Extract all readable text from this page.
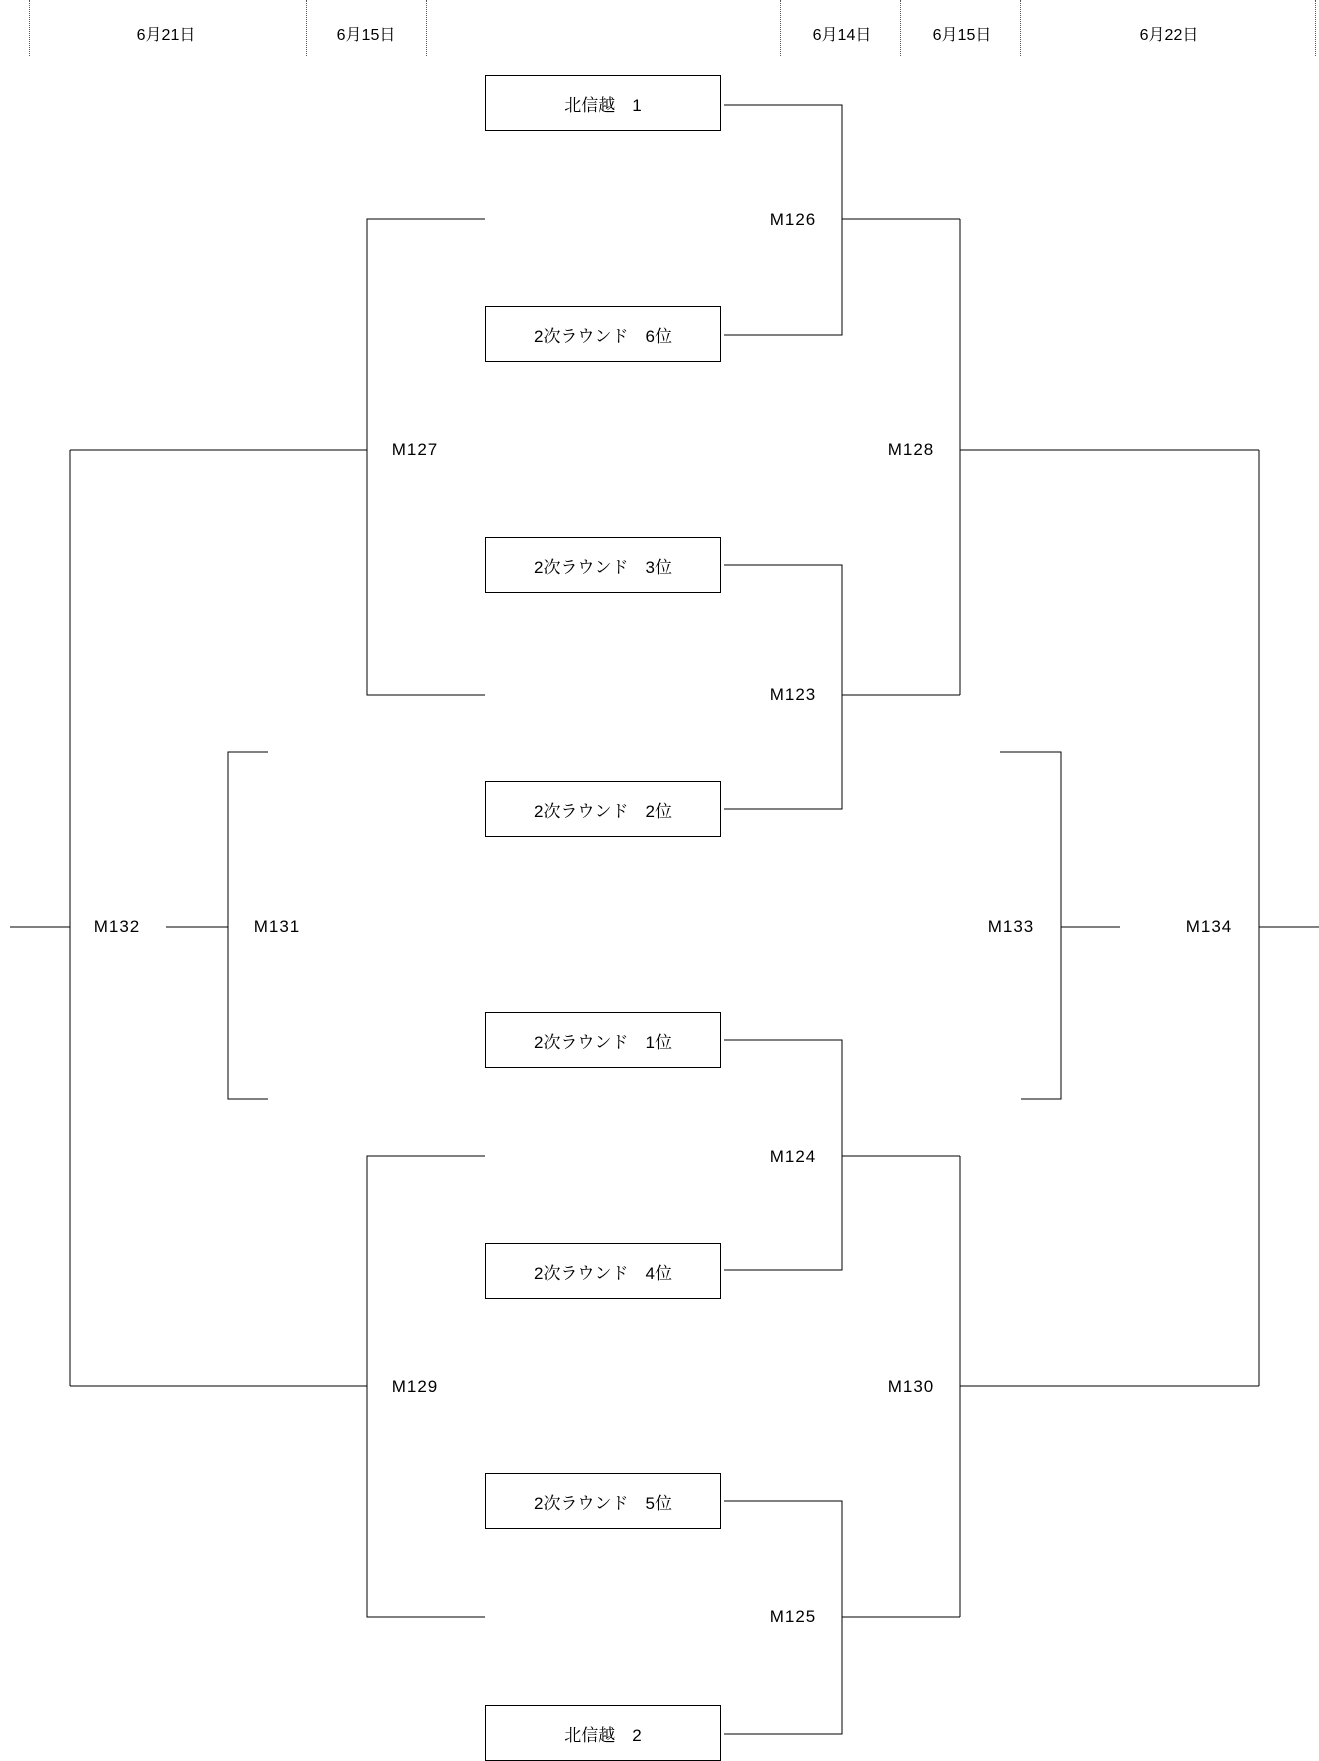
6月21日	6月15日	6月14日	6月15日	6月22日
北信越　1
2次ラウンド　6位
2次ラウンド　3位
2次ラウンド　2位
2次ラウンド　1位
2次ラウンド　4位
2次ラウンド　5位
北信越　2
M126
M127	M128
M123
M132	M131	M133	M134
M124
M129	M130
M125
